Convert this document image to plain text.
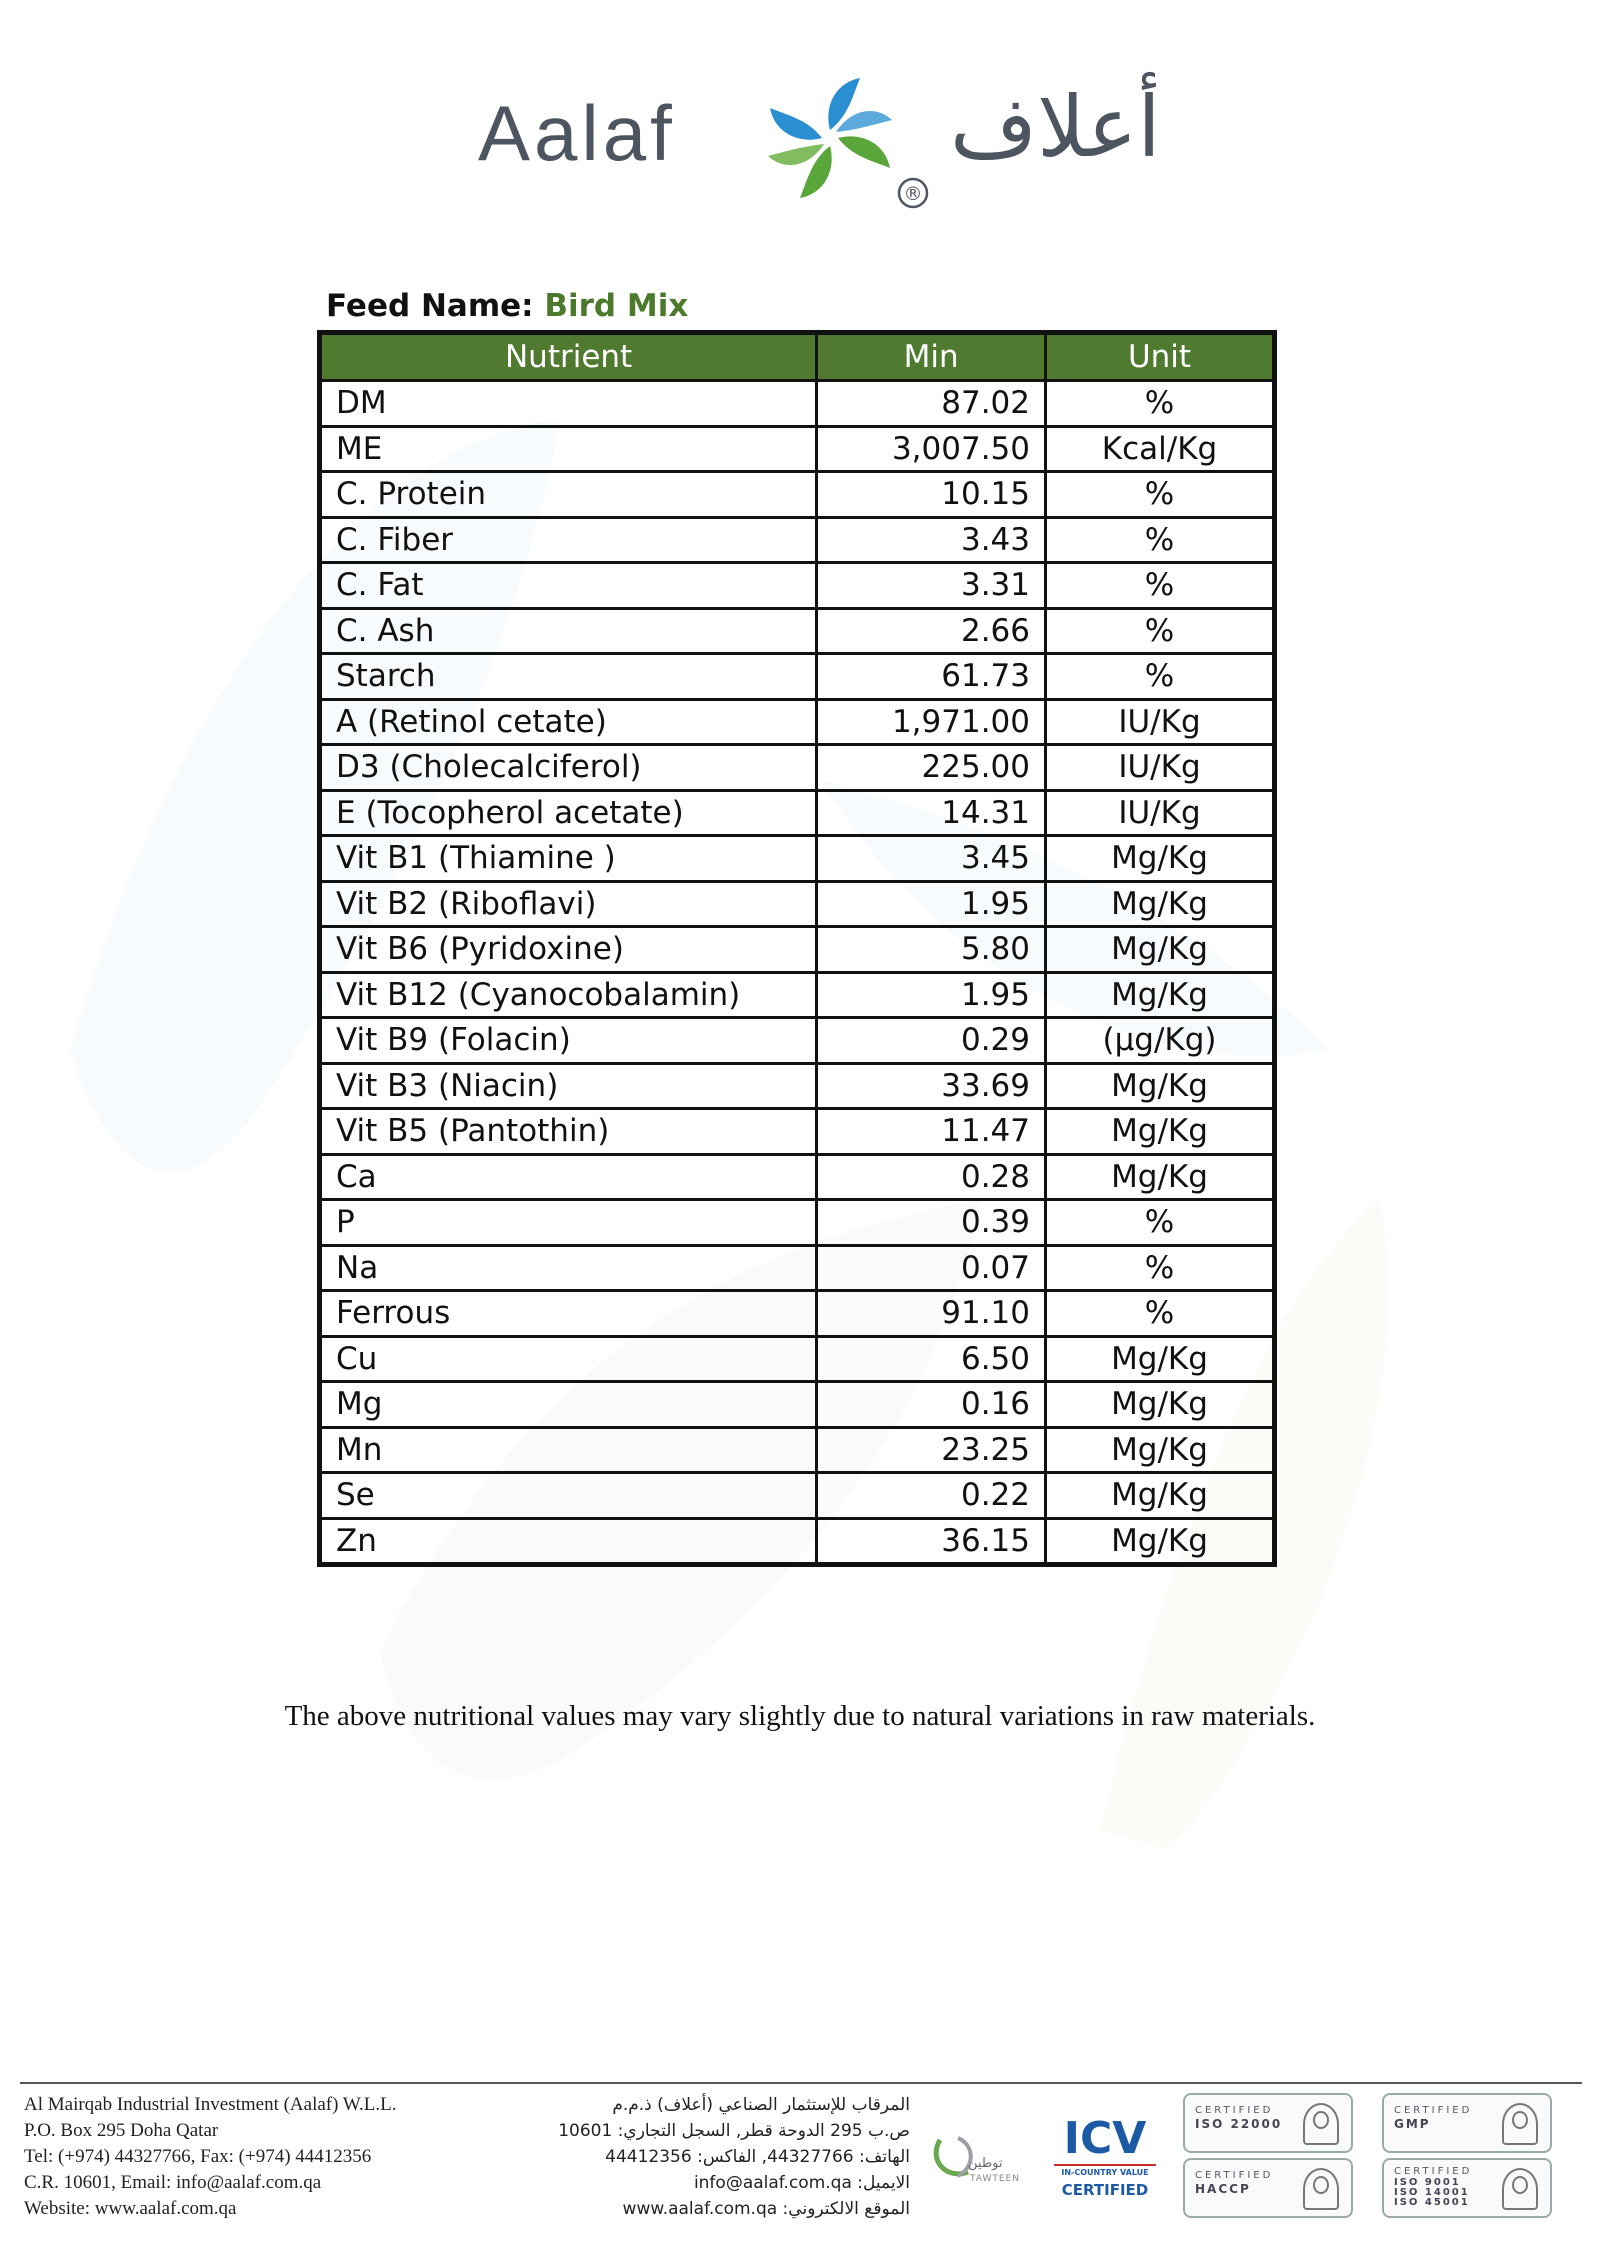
Aalaf
®
أعلاف
Feed Name: Bird Mix
Nutrient	Min	Unit
DM	87.02	%
ME	3,007.50	Kcal/Kg
C. Protein	10.15	%
C. Fiber	3.43	%
C. Fat	3.31	%
C. Ash	2.66	%
Starch	61.73	%
A (Retinol cetate)	1,971.00	IU/Kg
D3 (Cholecalciferol)	225.00	IU/Kg
E (Tocopherol acetate)	14.31	IU/Kg
Vit B1 (Thiamine )	3.45	Mg/Kg
Vit B2 (Riboflavi)	1.95	Mg/Kg
Vit B6 (Pyridoxine)	5.80	Mg/Kg
Vit B12 (Cyanocobalamin)	1.95	Mg/Kg
Vit B9 (Folacin)	0.29	(µg/Kg)
Vit B3 (Niacin)	33.69	Mg/Kg
Vit B5 (Pantothin)	11.47	Mg/Kg
Ca	0.28	Mg/Kg
P	0.39	%
Na	0.07	%
Ferrous	91.10	%
Cu	6.50	Mg/Kg
Mg	0.16	Mg/Kg
Mn	23.25	Mg/Kg
Se	0.22	Mg/Kg
Zn	36.15	Mg/Kg
The above nutritional values may vary slightly due to natural variations in raw materials.
Al Mairqab Industrial Investment (Aalaf) W.L.L.
P.O. Box 295 Doha Qatar
Tel: (+974) 44327766, Fax: (+974) 44412356
C.R. 10601, Email: info@aalaf.com.qa
Website: www.aalaf.com.qa
المرقاب للإستثمار الصناعي (أعلاف) ذ.م.م
ص.ب 295 الدوحة قطر, السجل التجاري: 10601
الهاتف: 44327766, الفاكس: 44412356
الايميل: info@aalaf.com.qa
الموقع الالكتروني: www.aalaf.com.qa
توطين
TAWTEEN
ICV
IN-COUNTRY VALUE
CERTIFIED
CERTIFIED
ISO 22000
CERTIFIED
GMP
CERTIFIED
HACCP
CERTIFIED
ISO 9001
ISO 14001
ISO 45001
